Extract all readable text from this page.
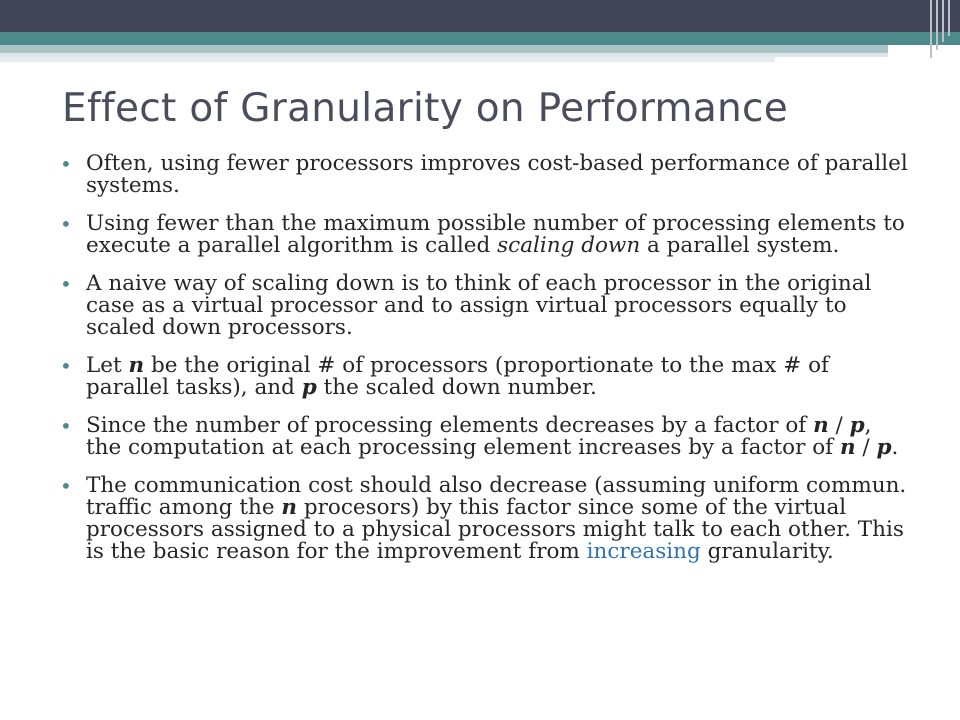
Effect of Granularity on Performance
• Often, using fewer processors improves cost-based performance of parallel systems.
• Using fewer than the maximum possible number of processing elements to execute a parallel algorithm is called scaling down a parallel system.
• A naive way of scaling down is to think of each processor in the original case as a virtual processor and to assign virtual processors equally to scaled down processors.
• Let n be the original # of processors (proportionate to the max # of parallel tasks), and p the scaled down number.
• Since the number of processing elements decreases by a factor of n / p, the computation at each processing element increases by a factor of n / p.
• The communication cost should also decrease (assuming uniform commun. traffic among the n procesors) by this factor since some of the virtual processors assigned to a physical processors might talk to each other. This is the basic reason for the improvement from increasing granularity.
